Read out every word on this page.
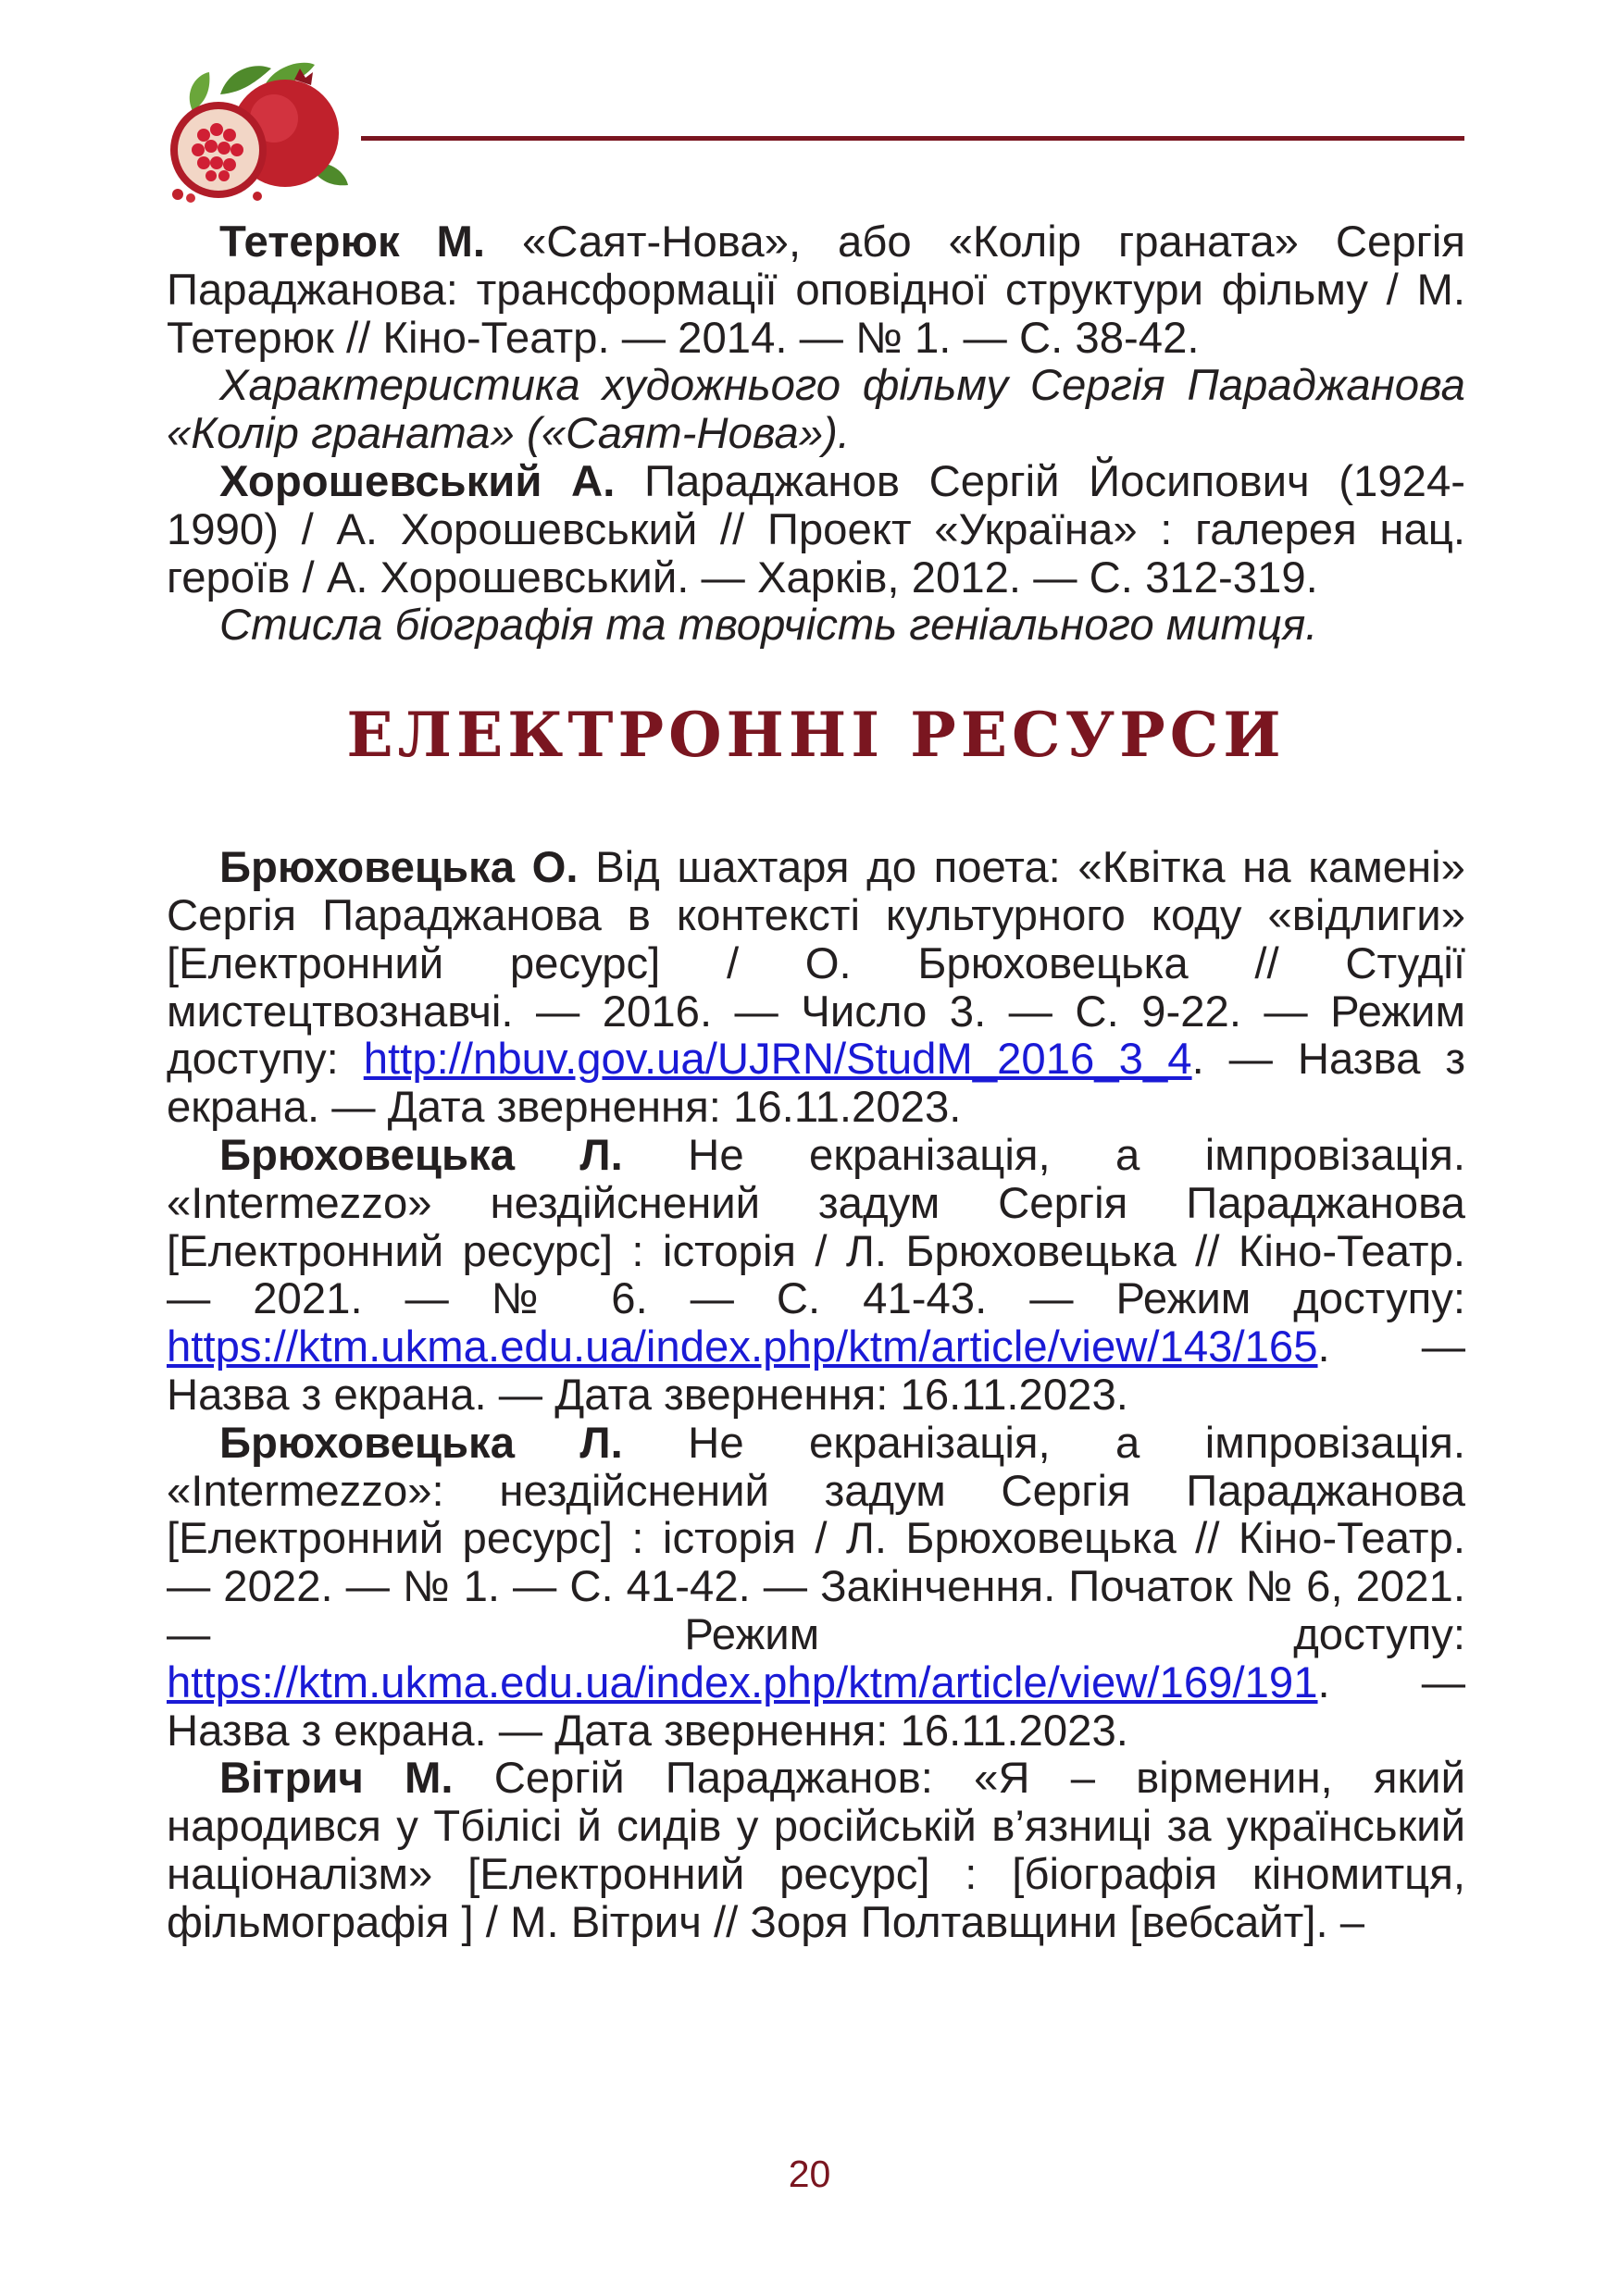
Тетерюк М. «Саят-Нова», або «Колір граната» Сергія Параджанова: трансформації оповідної структури фільму / М. Тетерюк // Кіно-Театр. — 2014. — № 1. — С. 38-42.

Характеристика художнього фільму Сергія Параджанова «Колір граната» («Саят-Нова»).

Хорошевський А. Параджанов Сергій Йосипович (1924-1990) / А. Хорошевський // Проект «Україна» : галерея нац. героїв / А. Хорошевський. — Харків, 2012. — С. 312-319.

Стисла біографія та творчість геніального митця.

ЕЛЕКТРОННІ РЕСУРСИ

Брюховецька О. Від шахтаря до поета: «Квітка на камені» Сергія Параджанова в контексті культурного коду «відлиги» [Електронний ресурс] / О. Брюховецька // Студії мистецтвознавчі. — 2016. — Число 3. — С. 9-22. — Режим доступу: http://nbuv.gov.ua/UJRN/StudM_2016_3_4. — Назва з екрана. — Дата звернення: 16.11.2023.

Брюховецька Л. Не екранізація, а імпровізація. «Intermezzo» нездійснений задум Сергія Параджанова [Електронний ресурс] : історія / Л. Брюховецька // Кіно-Театр. — 2021. — № 6. — С. 41-43. — Режим доступу: https://ktm.ukma.edu.ua/index.php/ktm/article/view/143/165. — Назва з екрана. — Дата звернення: 16.11.2023.

Брюховецька Л. Не екранізація, а імпровізація. «Intermezzo»: нездійснений задум Сергія Параджанова [Електронний ресурс] : історія / Л. Брюховецька // Кіно-Театр. — 2022. — № 1. — С. 41-42. — Закінчення. Початок № 6, 2021. — Режим доступу: https://ktm.ukma.edu.ua/index.php/ktm/article/view/169/191. — Назва з екрана. — Дата звернення: 16.11.2023.

Вітрич М. Сергій Параджанов: «Я – вірменин, який народився у Тбілісі й сидів у російській в’язниці за український націоналізм» [Електронний ресурс] : [біографія кіномитця, фільмографія ] / М. Вітрич // Зоря Полтавщини [вебсайт]. –

20
